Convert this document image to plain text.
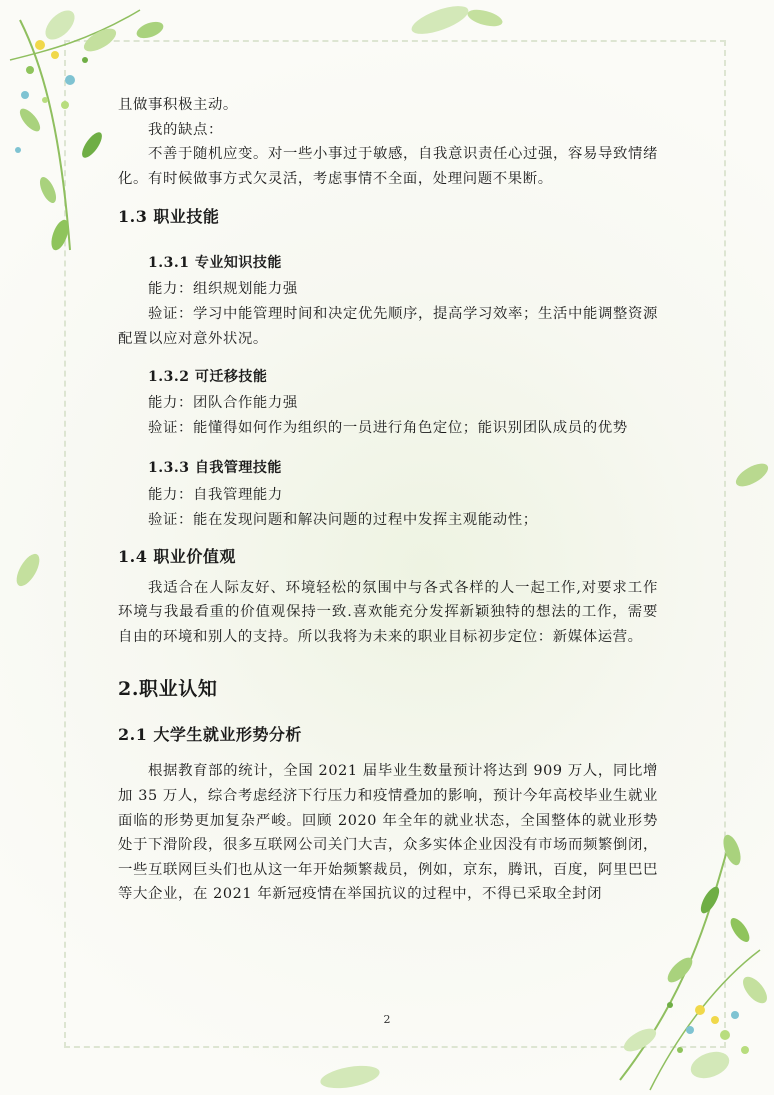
且做事积极主动。

我的缺点：

不善于随机应变。对一些小事过于敏感，自我意识责任心过强，容易导致情绪化。有时候做事方式欠灵活，考虑事情不全面，处理问题不果断。

1.3 职业技能
1.3.1 专业知识技能

能力：组织规划能力强

验证：学习中能管理时间和决定优先顺序，提高学习效率；生活中能调整资源配置以应对意外状况。

1.3.2 可迁移技能

能力：团队合作能力强

验证：能懂得如何作为组织的一员进行角色定位；能识别团队成员的优势

1.3.3 自我管理技能

能力：自我管理能力

验证：能在发现问题和解决问题的过程中发挥主观能动性；

1.4 职业价值观

我适合在人际友好、环境轻松的氛围中与各式各样的人一起工作,对要求工作环境与我最看重的价值观保持一致.喜欢能充分发挥新颖独特的想法的工作，需要自由的环境和别人的支持。所以我将为未来的职业目标初步定位：新媒体运营。

2.职业认知
2.1 大学生就业形势分析

根据教育部的统计，全国 2021 届毕业生数量预计将达到 909 万人，同比增加 35 万人，综合考虑经济下行压力和疫情叠加的影响，预计今年高校毕业生就业面临的形势更加复杂严峻。回顾 2020 年全年的就业状态，全国整体的就业形势处于下滑阶段，很多互联网公司关门大吉，众多实体企业因没有市场而频繁倒闭，一些互联网巨头们也从这一年开始频繁裁员，例如，京东，腾讯，百度，阿里巴巴等大企业，在 2021 年新冠疫情在举国抗议的过程中，不得已采取全封闭

2
